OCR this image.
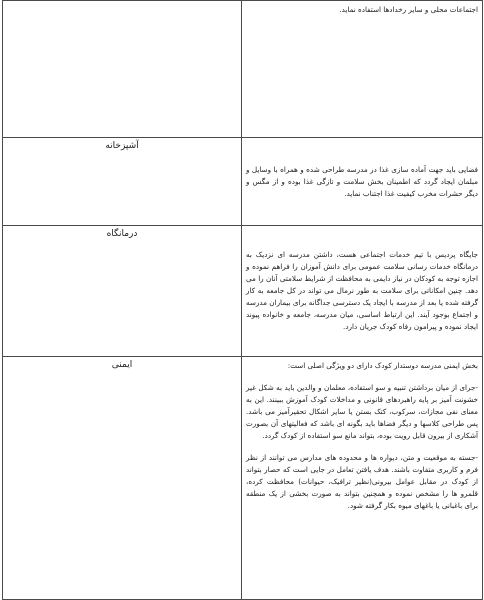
اجتماعات محلی و سایر رخدادها استفاده نماید.	

فضایی باید جهت آماده سازی غذا در مدرسه طراحی شده و همراه با وسایل و مبلمان ایجاد گردد که اطمینان بخش سلامت و تازگی غذا بوده و از مگس و دیگر حشرات مخرب کیفیت غذا اجتناب نماید.	آشپزخانه

جایگاه پردیس با تیم خدمات اجتماعی هست، داشتن مدرسه ای نزدیک به درمانگاه خدمات رسانی سلامت عمومی برای دانش آموزان را فراهم نموده و اجازه توجه به کودکان در نیاز دایمی به محافظت از شرایط سلامتی آنان را می دهد. چنین امکاناتی برای سلامت به طور نرمال می تواند در کل جامعه به کار گرفته شده یا بعد از مدرسه با ایجاد یک دسترسی جداگانه برای بیماران مدرسه و اجتماع بوجود آیند. این ارتباط اساسی، میان مدرسه، جامعه و خانواده پیوند ایجاد نموده و پیرامون رفاه کودک جریان دارد.	درمانگاه

بخش ایمنی مدرسه دوستدار کودک دارای دو ویژگی اصلی است:

-جرای از میان برداشتن تنبیه و سو استفاده، معلمان و والدین باید به شکل غیر خشونت آمیز بر پایه راهبردهای قانونی و مداخلات کودک آموزش ببینند. این به معنای نفی مجازات، سرکوب، کتک بستن یا سایر اشکال تحقیرآمیز می باشد. پس طراحی کلاسها و دیگر فضاها باید بگونه ای باشد که فعالیتهای آن بصورت آشکاری از بیرون قابل رویت بوده، بتواند مانع سو استفاده از کودک گردد.

-جسته به موقعیت و متن، دیواره ها و محدوده های مدارس می توانند از نظر فرم و کاربری متفاوت باشند. هدف یافتن تعامل در جایی است که حصار بتواند از کودک در مقابل عوامل بیرونی(نظیر ترافیک، حیوانات) محافظت کرده، قلمرو ها را مشخص نموده و همچنین بتواند به صورت بخشی از یک منطقه برای باغبانی یا باغهای میوه بکار گرفته شود.	ایمنی
